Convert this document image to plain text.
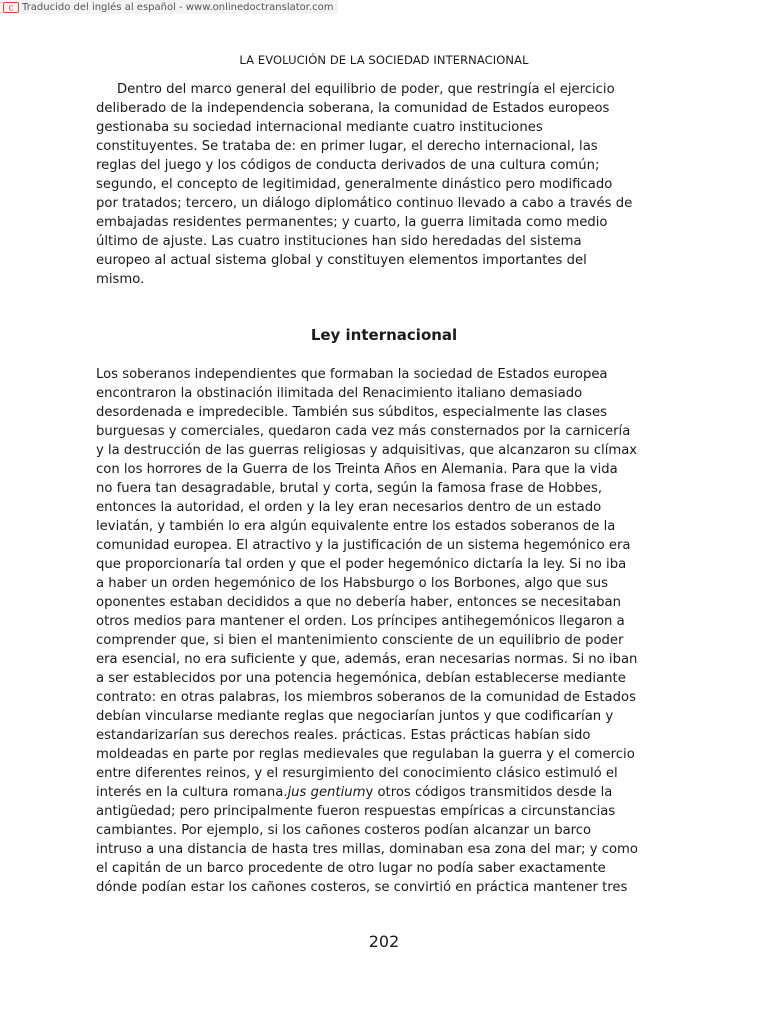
C Traducido del inglés al español - www.onlinedoctranslator.com
LA EVOLUCIÓN DE LA SOCIEDAD INTERNACIONAL
Dentro del marco general del equilibrio de poder, que restringía el ejercicio
deliberado de la independencia soberana, la comunidad de Estados europeos
gestionaba su sociedad internacional mediante cuatro instituciones
constituyentes. Se trataba de: en primer lugar, el derecho internacional, las
reglas del juego y los códigos de conducta derivados de una cultura común;
segundo, el concepto de legitimidad, generalmente dinástico pero modificado
por tratados; tercero, un diálogo diplomático continuo llevado a cabo a través de
embajadas residentes permanentes; y cuarto, la guerra limitada como medio
último de ajuste. Las cuatro instituciones han sido heredadas del sistema
europeo al actual sistema global y constituyen elementos importantes del
mismo.
Ley internacional
Los soberanos independientes que formaban la sociedad de Estados europea
encontraron la obstinación ilimitada del Renacimiento italiano demasiado
desordenada e impredecible. También sus súbditos, especialmente las clases
burguesas y comerciales, quedaron cada vez más consternados por la carnicería
y la destrucción de las guerras religiosas y adquisitivas, que alcanzaron su clímax
con los horrores de la Guerra de los Treinta Años en Alemania. Para que la vida
no fuera tan desagradable, brutal y corta, según la famosa frase de Hobbes,
entonces la autoridad, el orden y la ley eran necesarios dentro de un estado
leviatán, y también lo era algún equivalente entre los estados soberanos de la
comunidad europea. El atractivo y la justificación de un sistema hegemónico era
que proporcionaría tal orden y que el poder hegemónico dictaría la ley. Si no iba
a haber un orden hegemónico de los Habsburgo o los Borbones, algo que sus
oponentes estaban decididos a que no debería haber, entonces se necesitaban
otros medios para mantener el orden. Los príncipes antihegemónicos llegaron a
comprender que, si bien el mantenimiento consciente de un equilibrio de poder
era esencial, no era suficiente y que, además, eran necesarias normas. Si no iban
a ser establecidos por una potencia hegemónica, debían establecerse mediante
contrato: en otras palabras, los miembros soberanos de la comunidad de Estados
debían vincularse mediante reglas que negociarían juntos y que codificarían y
estandarizarían sus derechos reales. prácticas. Estas prácticas habían sido
moldeadas en parte por reglas medievales que regulaban la guerra y el comercio
entre diferentes reinos, y el resurgimiento del conocimiento clásico estimuló el
interés en la cultura romana.jus gentiumy otros códigos transmitidos desde la
antigüedad; pero principalmente fueron respuestas empíricas a circunstancias
cambiantes. Por ejemplo, si los cañones costeros podían alcanzar un barco
intruso a una distancia de hasta tres millas, dominaban esa zona del mar; y como
el capitán de un barco procedente de otro lugar no podía saber exactamente
dónde podían estar los cañones costeros, se convirtió en práctica mantener tres
202
